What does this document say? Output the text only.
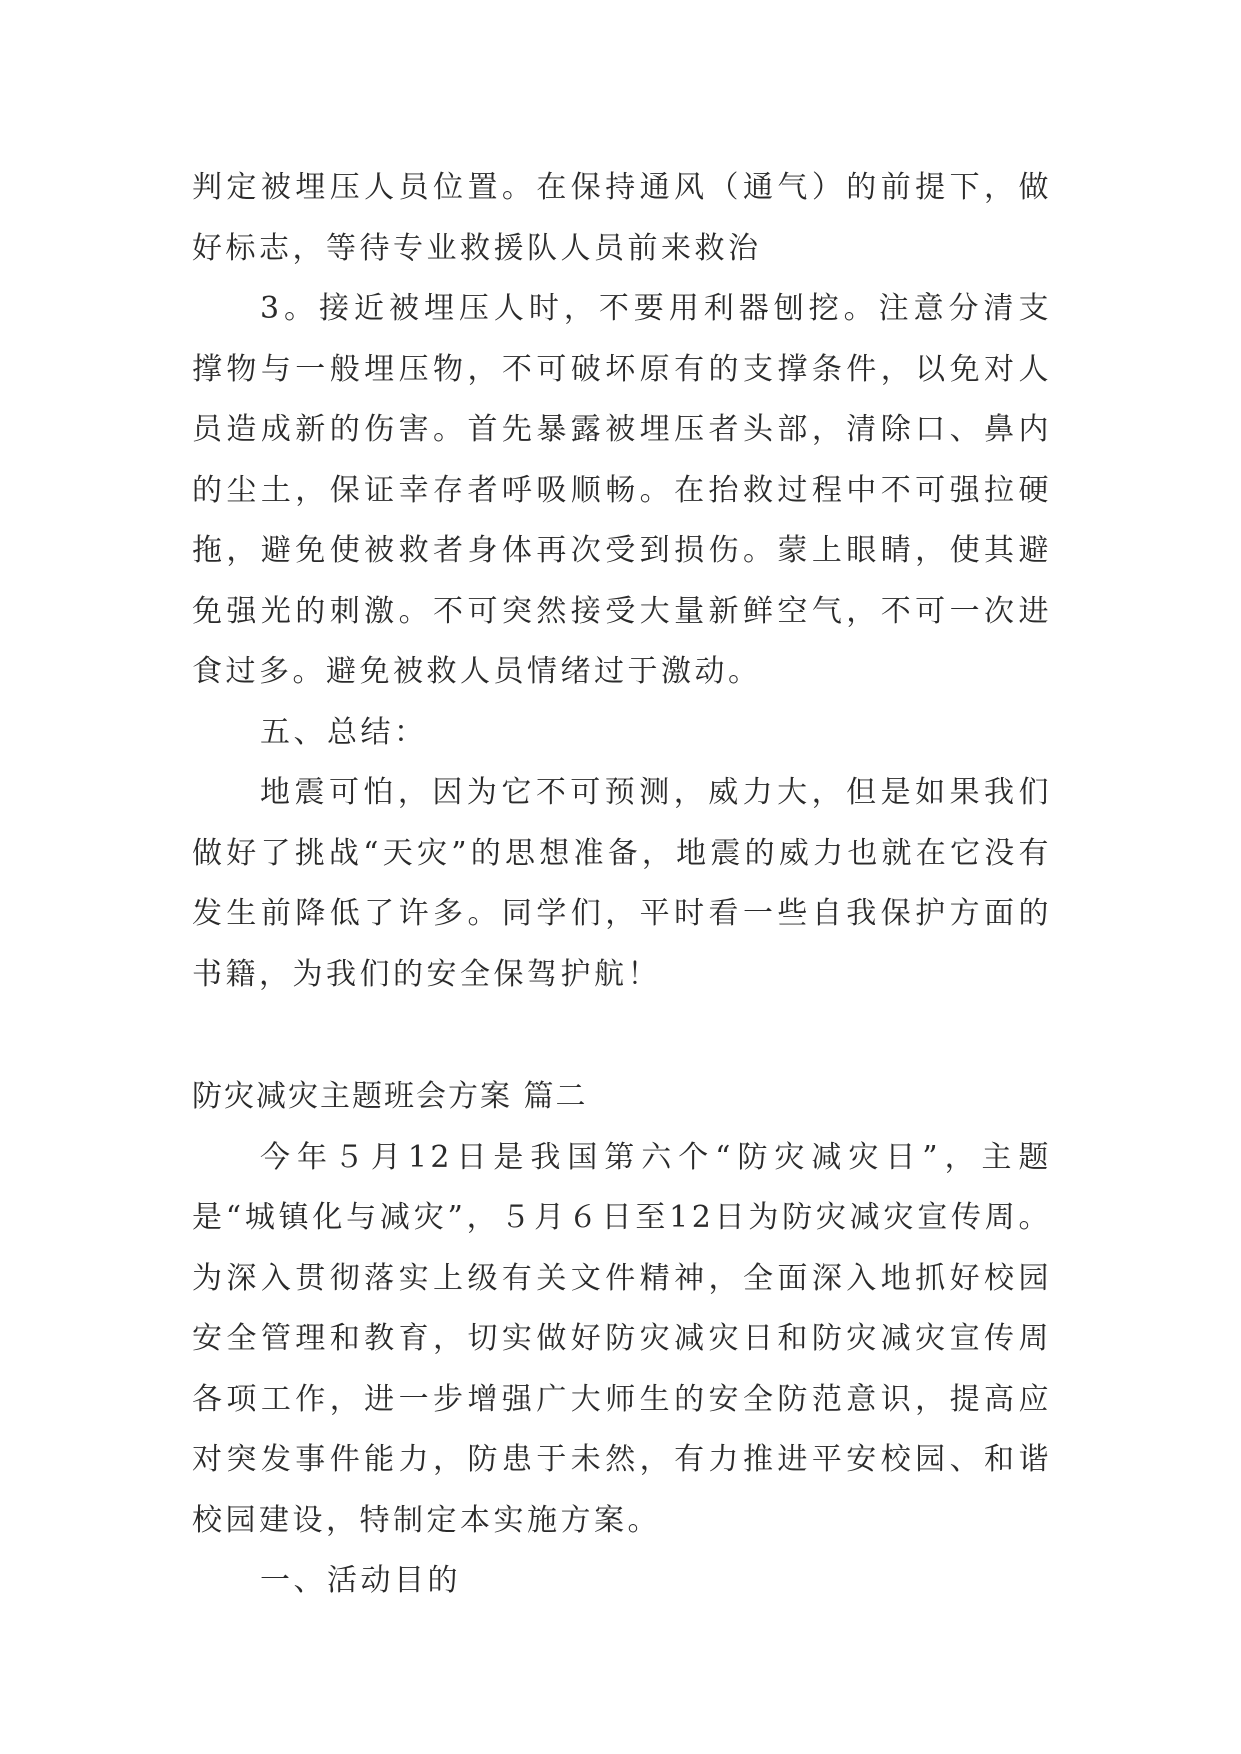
判定被埋压人员位置。在保持通风（通气）的前提下，做好标志，等待专业救援队人员前来救治

3。接近被埋压人时，不要用利器刨挖。注意分清支撑物与一般埋压物，不可破坏原有的支撑条件，以免对人员造成新的伤害。首先暴露被埋压者头部，清除口、鼻内的尘土，保证幸存者呼吸顺畅。在抬救过程中不可强拉硬拖，避免使被救者身体再次受到损伤。蒙上眼睛，使其避免强光的刺激。不可突然接受大量新鲜空气，不可一次进食过多。避免被救人员情绪过于激动。

五、总结：

地震可怕，因为它不可预测，威力大，但是如果我们做好了挑战“天灾”的思想准备，地震的威力也就在它没有发生前降低了许多。同学们，平时看一些自我保护方面的书籍，为我们的安全保驾护航！

防灾减灾主题班会方案 篇二

今年５月12日是我国第六个“防灾减灾日”，主题是“城镇化与减灾”，５月６日至12日为防灾减灾宣传周。为深入贯彻落实上级有关文件精神，全面深入地抓好校园安全管理和教育，切实做好防灾减灾日和防灾减灾宣传周各项工作，进一步增强广大师生的安全防范意识，提高应对突发事件能力，防患于未然，有力推进平安校园、和谐校园建设，特制定本实施方案。

一、活动目的
